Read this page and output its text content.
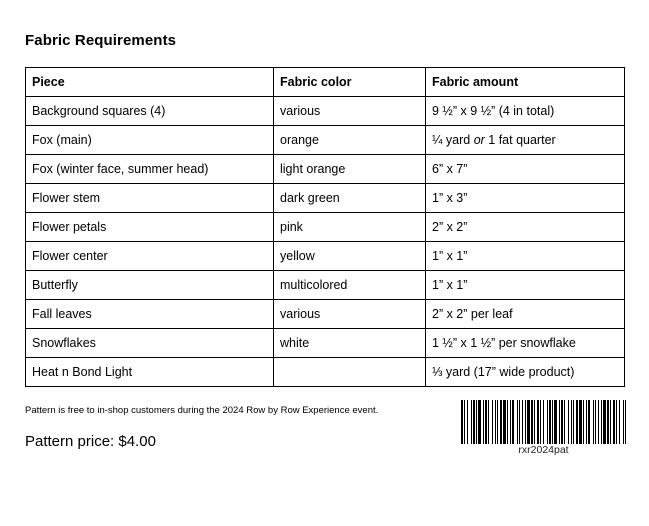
Fabric Requirements
Piece	Fabric color	Fabric amount
Background squares (4)	various	9 ½” x 9 ½” (4 in total)
Fox (main)	orange	¼ yard or 1 fat quarter
Fox (winter face, summer head)	light orange	6” x 7”
Flower stem	dark green	1” x 3”
Flower petals	pink	2” x 2”
Flower center	yellow	1” x 1”
Butterfly	multicolored	1” x 1”
Fall leaves	various	2” x 2” per leaf
Snowflakes	white	1 ½” x 1 ½” per snowflake
Heat n Bond Light		⅓ yard (17” wide product)
Pattern is free to in-shop customers during the 2024 Row by Row Experience event.
Pattern price: $4.00	rxr2024pat
